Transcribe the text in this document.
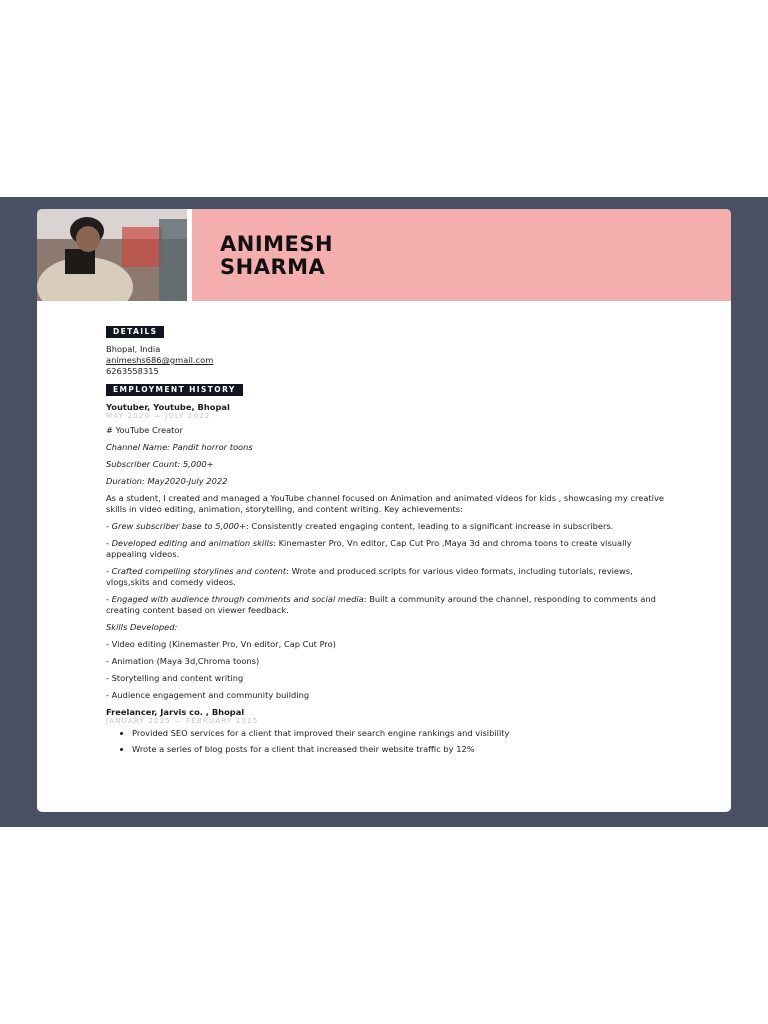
ANIMESH
SHARMA
DETAILS
Bhopal, India
animeshs686@gmail.com
6263558315
EMPLOYMENT HISTORY
Youtuber, Youtube, Bhopal
MAY 2020 — JULY 2022

# YouTube Creator

Channel Name: Pandit horror toons

Subscriber Count: 5,000+

Duration: May2020-July 2022

As a student, I created and managed a YouTube channel focused on Animation and animated videos for kids , showcasing my creative skills in video editing, animation, storytelling, and content writing. Key achievements:

- Grew subscriber base to 5,000+: Consistently created engaging content, leading to a significant increase in subscribers.

- Developed editing and animation skills: Kinemaster Pro, Vn editor, Cap Cut Pro ,Maya 3d and chroma toons to create visually appealing videos.

- Crafted compelling storylines and content: Wrote and produced scripts for various video formats, including tutorials, reviews, vlogs,skits and comedy videos.

- Engaged with audience through comments and social media: Built a community around the channel, responding to comments and creating content based on viewer feedback.

Skills Developed:

- Video editing (Kinemaster Pro, Vn editor, Cap Cut Pro)

- Animation (Maya 3d,Chroma toons)

- Storytelling and content writing

- Audience engagement and community building

Freelancer, Jarvis co. , Bhopal
JANUARY 2025 — FEBRUARY 2025
• Provided SEO services for a client that improved their search engine rankings and visibility
• Wrote a series of blog posts for a client that increased their website traffic by 12%
